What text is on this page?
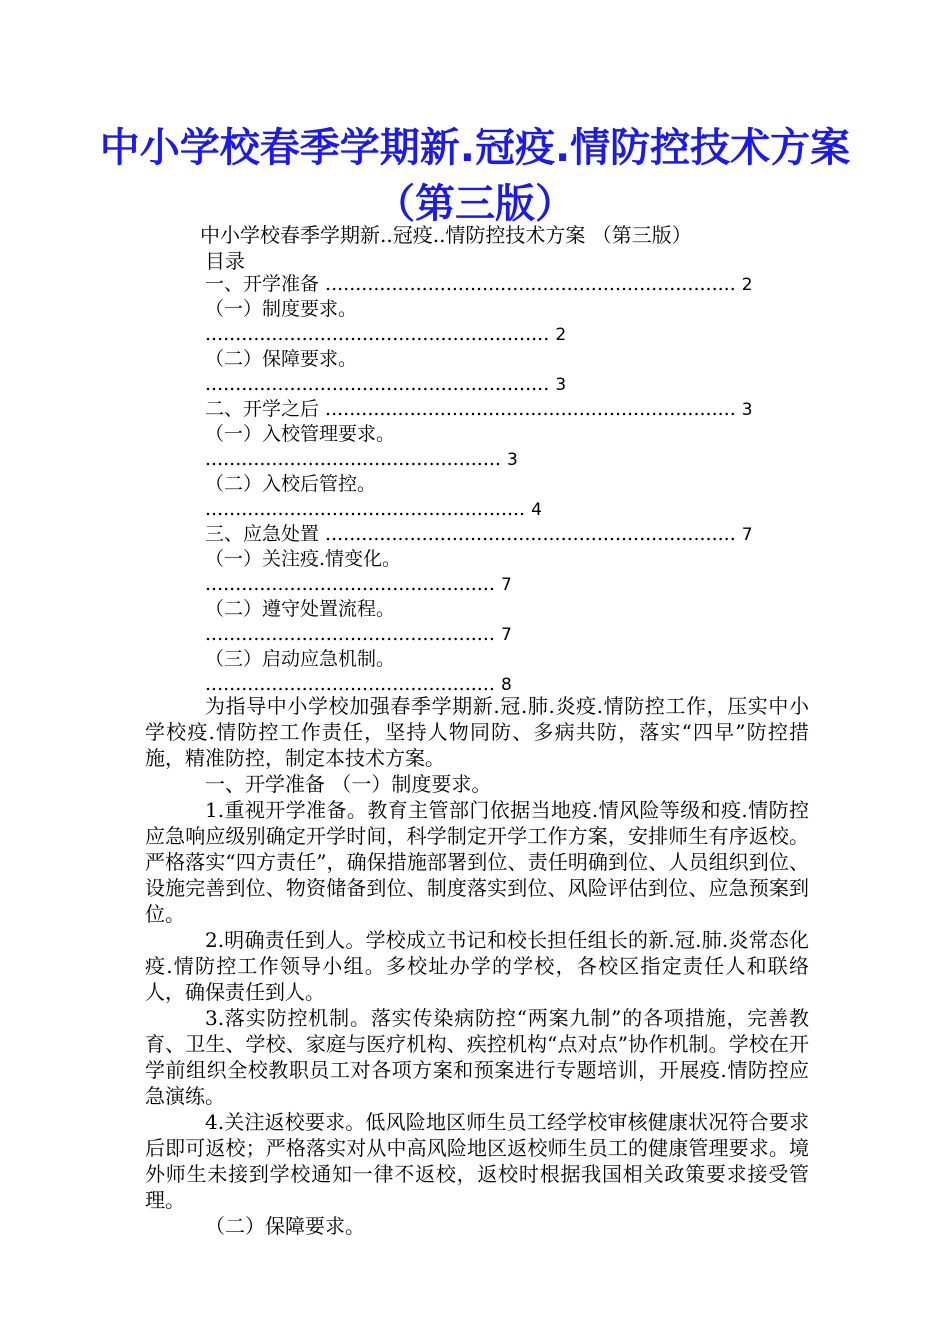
中小学校春季学期新.冠疫.情防控技术方案（第三版）
中小学校春季学期新..冠疫..情防控技术方案 （第三版）
目录
一、开学准备 .................................................................... 2
（一）制度要求。
......................................................... 2
（二）保障要求。
......................................................... 3
二、开学之后 .................................................................... 3
（一）入校管理要求。
................................................. 3
（二）入校后管控。
..................................................... 4
三、应急处置 .................................................................... 7
（一）关注疫.情变化。
................................................ 7
（二）遵守处置流程。
................................................ 7
（三）启动应急机制。
................................................ 8

为指导中小学校加强春季学期新.冠.肺.炎疫.情防控工作，压实中小学校疫.情防控工作责任，坚持人物同防、多病共防，落实“四早”防控措施，精准防控，制定本技术方案。

一、开学准备 （一）制度要求。

1.重视开学准备。教育主管部门依据当地疫.情风险等级和疫.情防控应急响应级别确定开学时间，科学制定开学工作方案，安排师生有序返校。严格落实“四方责任”，确保措施部署到位、责任明确到位、人员组织到位、设施完善到位、物资储备到位、制度落实到位、风险评估到位、应急预案到位。

2.明确责任到人。学校成立书记和校长担任组长的新.冠.肺.炎常态化疫.情防控工作领导小组。多校址办学的学校，各校区指定责任人和联络人，确保责任到人。

3.落实防控机制。落实传染病防控“两案九制”的各项措施，完善教育、卫生、学校、家庭与医疗机构、疾控机构“点对点”协作机制。学校在开学前组织全校教职员工对各项方案和预案进行专题培训，开展疫.情防控应急演练。

4.关注返校要求。低风险地区师生员工经学校审核健康状况符合要求后即可返校；严格落实对从中高风险地区返校师生员工的健康管理要求。境外师生未接到学校通知一律不返校，返校时根据我国相关政策要求接受管理。

（二）保障要求。
